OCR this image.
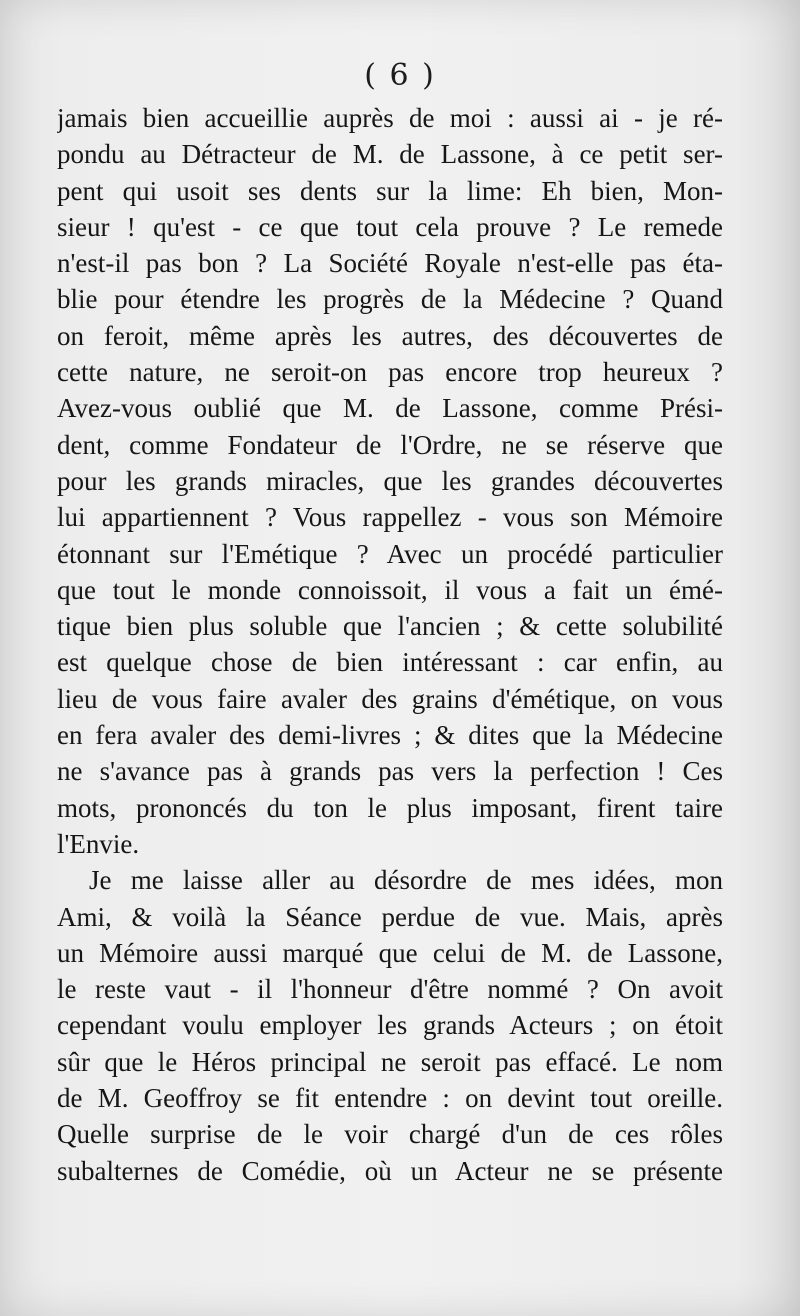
( 6 )
jamais bien accueillie auprès de moi : aussi ai - je ré-
pondu au Détracteur de M. de Lassone, à ce petit ser-
pent qui usoit ses dents sur la lime: Eh bien, Mon-
sieur ! qu'est - ce que tout cela prouve ? Le remede
n'est-il pas bon ? La Société Royale n'est-elle pas éta-
blie pour étendre les progrès de la Médecine ? Quand
on feroit, même après les autres, des découvertes de
cette nature, ne seroit-on pas encore trop heureux ?
Avez-vous oublié que M. de Lassone, comme Prési-
dent, comme Fondateur de l'Ordre, ne se réserve que
pour les grands miracles, que les grandes découvertes
lui appartiennent ? Vous rappellez - vous son Mémoire
étonnant sur l'Emétique ? Avec un procédé particulier
que tout le monde connoissoit, il vous a fait un émé-
tique bien plus soluble que l'ancien ; & cette solubilité
est quelque chose de bien intéressant : car enfin, au
lieu de vous faire avaler des grains d'émétique, on vous
en fera avaler des demi-livres ; & dites que la Médecine
ne s'avance pas à grands pas vers la perfection ! Ces
mots, prononcés du ton le plus imposant, firent taire
l'Envie.
Je me laisse aller au désordre de mes idées, mon
Ami, & voilà la Séance perdue de vue. Mais, après
un Mémoire aussi marqué que celui de M. de Lassone,
le reste vaut - il l'honneur d'être nommé ? On avoit
cependant voulu employer les grands Acteurs ; on étoit
sûr que le Héros principal ne seroit pas effacé. Le nom
de M. Geoffroy se fit entendre : on devint tout oreille.
Quelle surprise de le voir chargé d'un de ces rôles
subalternes de Comédie, où un Acteur ne se présente
